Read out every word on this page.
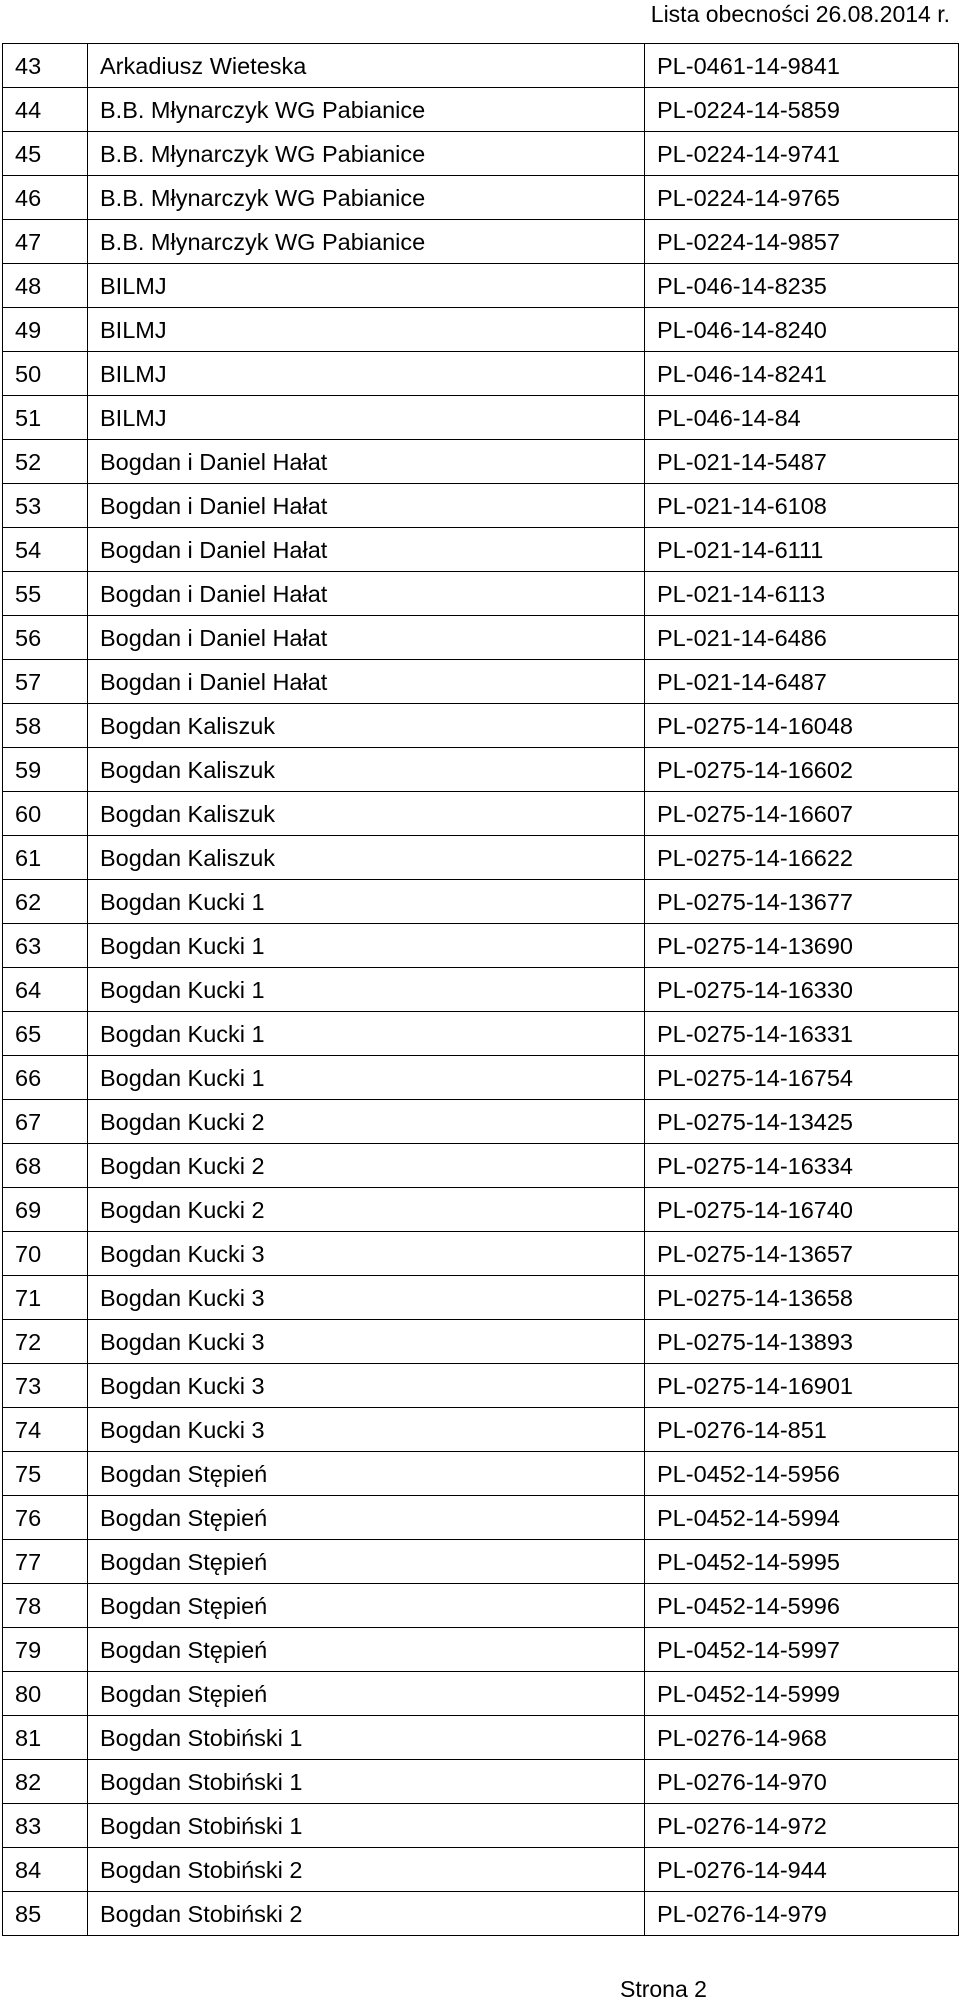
Lista obecności 26.08.2014 r.
43	Arkadiusz Wieteska	PL-0461-14-9841
44	B.B. Młynarczyk WG Pabianice	PL-0224-14-5859
45	B.B. Młynarczyk WG Pabianice	PL-0224-14-9741
46	B.B. Młynarczyk WG Pabianice	PL-0224-14-9765
47	B.B. Młynarczyk WG Pabianice	PL-0224-14-9857
48	BILMJ	PL-046-14-8235
49	BILMJ	PL-046-14-8240
50	BILMJ	PL-046-14-8241
51	BILMJ	PL-046-14-84
52	Bogdan i Daniel Hałat	PL-021-14-5487
53	Bogdan i Daniel Hałat	PL-021-14-6108
54	Bogdan i Daniel Hałat	PL-021-14-6111
55	Bogdan i Daniel Hałat	PL-021-14-6113
56	Bogdan i Daniel Hałat	PL-021-14-6486
57	Bogdan i Daniel Hałat	PL-021-14-6487
58	Bogdan Kaliszuk	PL-0275-14-16048
59	Bogdan Kaliszuk	PL-0275-14-16602
60	Bogdan Kaliszuk	PL-0275-14-16607
61	Bogdan Kaliszuk	PL-0275-14-16622
62	Bogdan Kucki 1	PL-0275-14-13677
63	Bogdan Kucki 1	PL-0275-14-13690
64	Bogdan Kucki 1	PL-0275-14-16330
65	Bogdan Kucki 1	PL-0275-14-16331
66	Bogdan Kucki 1	PL-0275-14-16754
67	Bogdan Kucki 2	PL-0275-14-13425
68	Bogdan Kucki 2	PL-0275-14-16334
69	Bogdan Kucki 2	PL-0275-14-16740
70	Bogdan Kucki 3	PL-0275-14-13657
71	Bogdan Kucki 3	PL-0275-14-13658
72	Bogdan Kucki 3	PL-0275-14-13893
73	Bogdan Kucki 3	PL-0275-14-16901
74	Bogdan Kucki 3	PL-0276-14-851
75	Bogdan Stępień	PL-0452-14-5956
76	Bogdan Stępień	PL-0452-14-5994
77	Bogdan Stępień	PL-0452-14-5995
78	Bogdan Stępień	PL-0452-14-5996
79	Bogdan Stępień	PL-0452-14-5997
80	Bogdan Stępień	PL-0452-14-5999
81	Bogdan Stobiński 1	PL-0276-14-968
82	Bogdan Stobiński 1	PL-0276-14-970
83	Bogdan Stobiński 1	PL-0276-14-972
84	Bogdan Stobiński 2	PL-0276-14-944
85	Bogdan Stobiński 2	PL-0276-14-979
Strona 2
